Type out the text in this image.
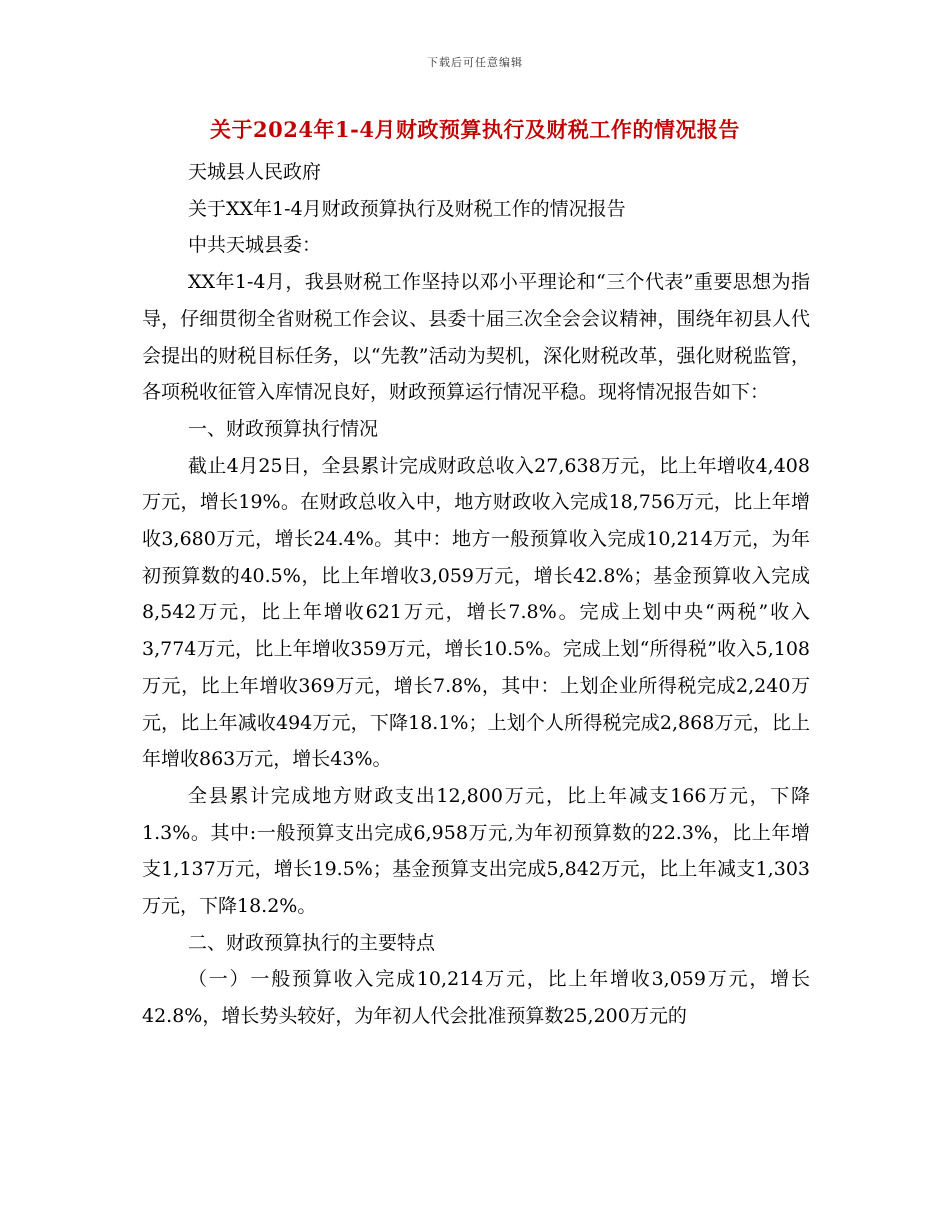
下载后可任意编辑
关于2024年1-4月财政预算执行及财税工作的情况报告

天城县人民政府

关于XX年1-4月财政预算执行及财税工作的情况报告

中共天城县委：

XX年1-4月，我县财税工作坚持以邓小平理论和“三个代表”重要思想为指导，仔细贯彻全省财税工作会议、县委十届三次全会会议精神，围绕年初县人代会提出的财税目标任务，以“先教”活动为契机，深化财税改革，强化财税监管，各项税收征管入库情况良好，财政预算运行情况平稳。现将情况报告如下：

一、财政预算执行情况

截止4月25日，全县累计完成财政总收入27,638万元，比上年增收4,408万元，增长19%。在财政总收入中，地方财政收入完成18,756万元，比上年增收3,680万元，增长24.4%。其中：地方一般预算收入完成10,214万元，为年初预算数的40.5%，比上年增收3,059万元，增长42.8%；基金预算收入完成8,542万元，比上年增收621万元，增长7.8%。完成上划中央“两税”收入3,774万元，比上年增收359万元，增长10.5%。完成上划“所得税”收入5,108万元，比上年增收369万元，增长7.8%，其中：上划企业所得税完成2,240万元，比上年减收494万元，下降18.1%；上划个人所得税完成2,868万元，比上年增收863万元，增长43%。

全县累计完成地方财政支出12,800万元，比上年减支166万元，下降1.3%。其中:一般预算支出完成6,958万元,为年初预算数的22.3%，比上年增支1,137万元，增长19.5%；基金预算支出完成5,842万元，比上年减支1,303万元，下降18.2%。

二、财政预算执行的主要特点

（一）一般预算收入完成10,214万元，比上年增收3,059万元，增长42.8%，增长势头较好，为年初人代会批准预算数25,200万元的
